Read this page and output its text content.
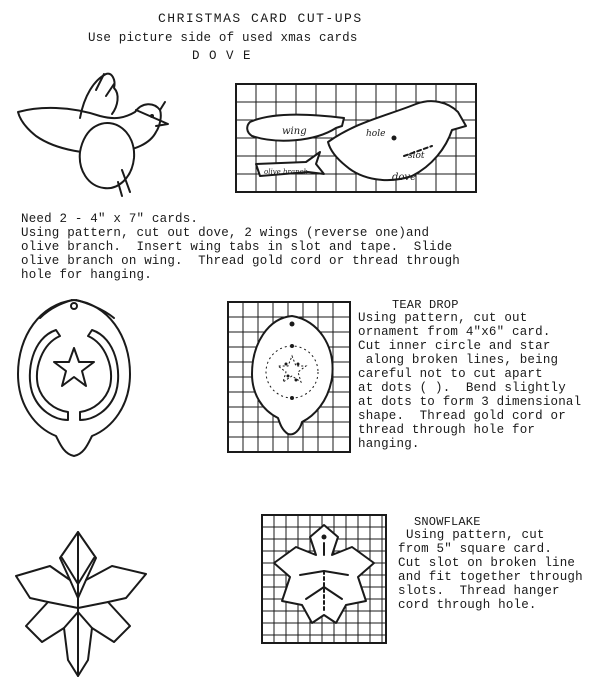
CHRISTMAS CARD CUT-UPS
Use picture side of used xmas cards
D O V E
wing	hole
slot
dove
olive branch
Need 2 - 4" x 7" cards.
Using pattern, cut out dove, 2 wings (reverse one)and
olive branch.  Insert wing tabs in slot and tape.  Slide
olive branch on wing.  Thread gold cord or thread through
hole for hanging.
TEAR DROP
Using pattern, cut out
ornament from 4"x6" card.
Cut inner circle and star
along broken lines, being
careful not to cut apart
at dots ( ).  Bend slightly
at dots to form 3 dimensional
shape.  Thread gold cord or
thread through hole for
hanging.
SNOWFLAKE
Using pattern, cut
from 5" square card.
Cut slot on broken line
and fit together through
slots.  Thread hanger
cord through hole.
